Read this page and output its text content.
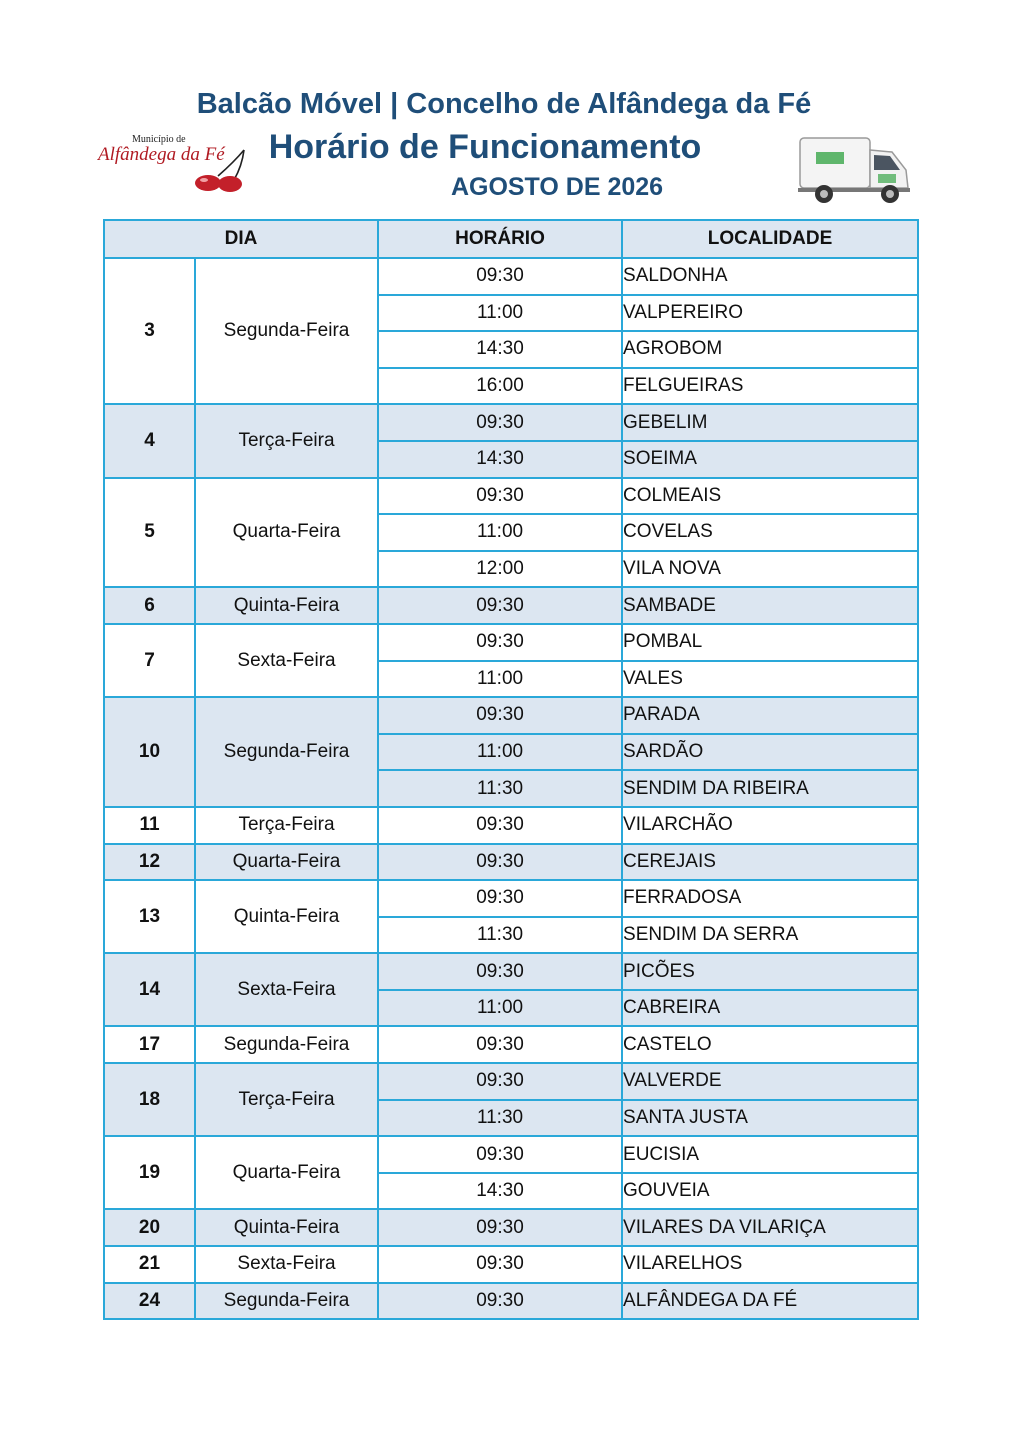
Balcão Móvel | Concelho de Alfândega da Fé
Horário de Funcionamento
AGOSTO DE 2026
Município de
Alfândega da Fé
DIA		HORÁRIO	LOCALIDADE
3	Segunda-Feira	09:30	SALDONHA
		11:00	VALPEREIRO
		14:30	AGROBOM
		16:00	FELGUEIRAS
4	Terça-Feira	09:30	GEBELIM
		14:30	SOEIMA
5	Quarta-Feira	09:30	COLMEAIS
		11:00	COVELAS
		12:00	VILA NOVA
6	Quinta-Feira	09:30	SAMBADE
7	Sexta-Feira	09:30	POMBAL
		11:00	VALES
10	Segunda-Feira	09:30	PARADA
		11:00	SARDÃO
		11:30	SENDIM DA RIBEIRA
11	Terça-Feira	09:30	VILARCHÃO
12	Quarta-Feira	09:30	CEREJAIS
13	Quinta-Feira	09:30	FERRADOSA
		11:30	SENDIM DA SERRA
14	Sexta-Feira	09:30	PICÕES
		11:00	CABREIRA
17	Segunda-Feira	09:30	CASTELO
18	Terça-Feira	09:30	VALVERDE
		11:30	SANTA JUSTA
19	Quarta-Feira	09:30	EUCISIA
		14:30	GOUVEIA
20	Quinta-Feira	09:30	VILARES DA VILARIÇA
21	Sexta-Feira	09:30	VILARELHOS
24	Segunda-Feira	09:30	ALFÂNDEGA DA FÉ
